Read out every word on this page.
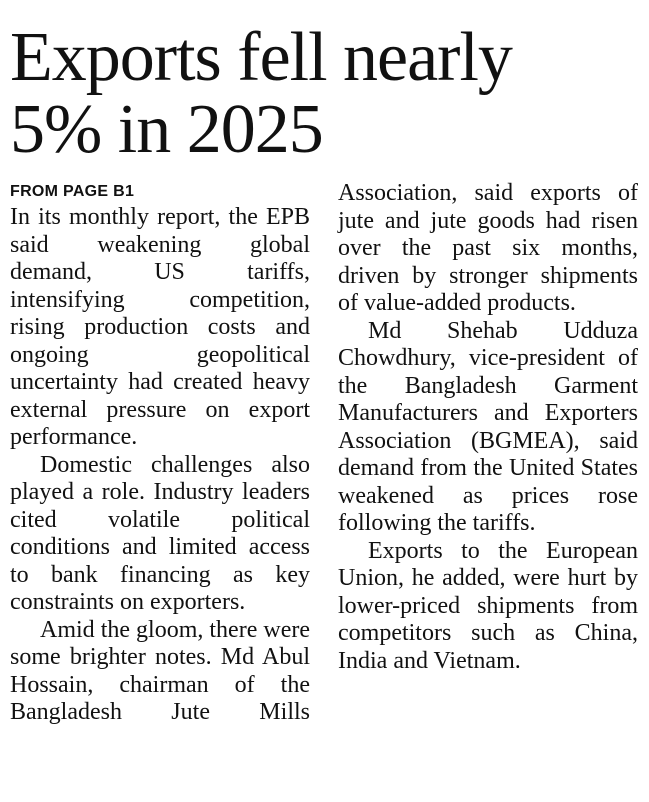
Exports fell nearly
5% in 2025
FROM PAGE B1

In its monthly report, the EPB said weakening global demand, US tariffs, intensifying competition, rising production costs and ongoing geopolitical uncertainty had created heavy external pressure on export performance.

Domestic challenges also played a role. Industry leaders cited volatile political conditions and limited access to bank financing as key constraints on exporters.

Amid the gloom, there were some brighter notes. Md Abul Hossain, chairman of the Bangladesh Jute Mills

Association, said exports of jute and jute goods had risen over the past six months, driven by stronger shipments of value-added products.

Md Shehab Udduza Chowdhury, vice-president of the Bangladesh Garment Manufacturers and Exporters Association (BGMEA), said demand from the United States weakened as prices rose following the tariffs.

Exports to the European Union, he added, were hurt by lower-priced shipments from competitors such as China, India and Vietnam.
